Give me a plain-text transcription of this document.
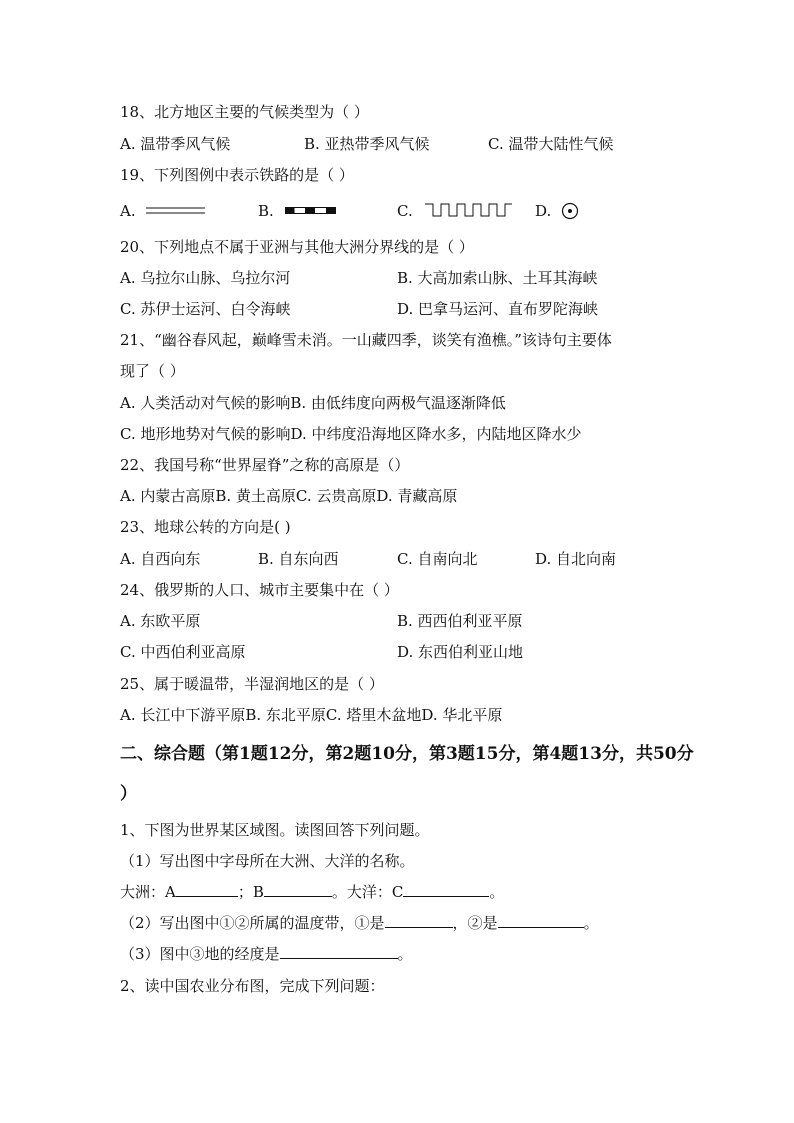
18、北方地区主要的气候类型为（ ）
A. 温带季风气候	B. 亚热带季风气候	C. 温带大陆性气候
19、下列图例中表示铁路的是（ ）
A.	B.	C.	D.
20、下列地点不属于亚洲与其他大洲分界线的是（ ）
A. 乌拉尔山脉、乌拉尔河	B. 大高加索山脉、土耳其海峡
C. 苏伊士运河、白令海峡	D. 巴拿马运河、直布罗陀海峡
21、“幽谷春风起，巅峰雪未消。一山藏四季，谈笑有渔樵。”该诗句主要体
现了（ ）
A. 人类活动对气候的影响B. 由低纬度向两极气温逐渐降低
C. 地形地势对气候的影响D. 中纬度沿海地区降水多，内陆地区降水少
22、我国号称“世界屋脊”之称的高原是（）
A. 内蒙古高原B. 黄土高原C. 云贵高原D. 青藏高原
23、地球公转的方向是( )
A. 自西向东	B. 自东向西	C. 自南向北	D. 自北向南
24、俄罗斯的人口、城市主要集中在（ ）
A. 东欧平原	B. 西西伯利亚平原
C. 中西伯利亚高原	D. 东西伯利亚山地
25、属于暖温带，半湿润地区的是（ ）
A. 长江中下游平原B. 东北平原C. 塔里木盆地D. 华北平原
二、综合题（第1题12分，第2题10分，第3题15分，第4题13分，共50分
）
1、下图为世界某区域图。读图回答下列问题。
（1）写出图中字母所在大洲、大洋的名称。
大洲：A	；B	。大洋：C	。
（2）写出图中①②所属的温度带，①是	，②是	。
（3）图中③地的经度是	。
2、读中国农业分布图，完成下列问题：
